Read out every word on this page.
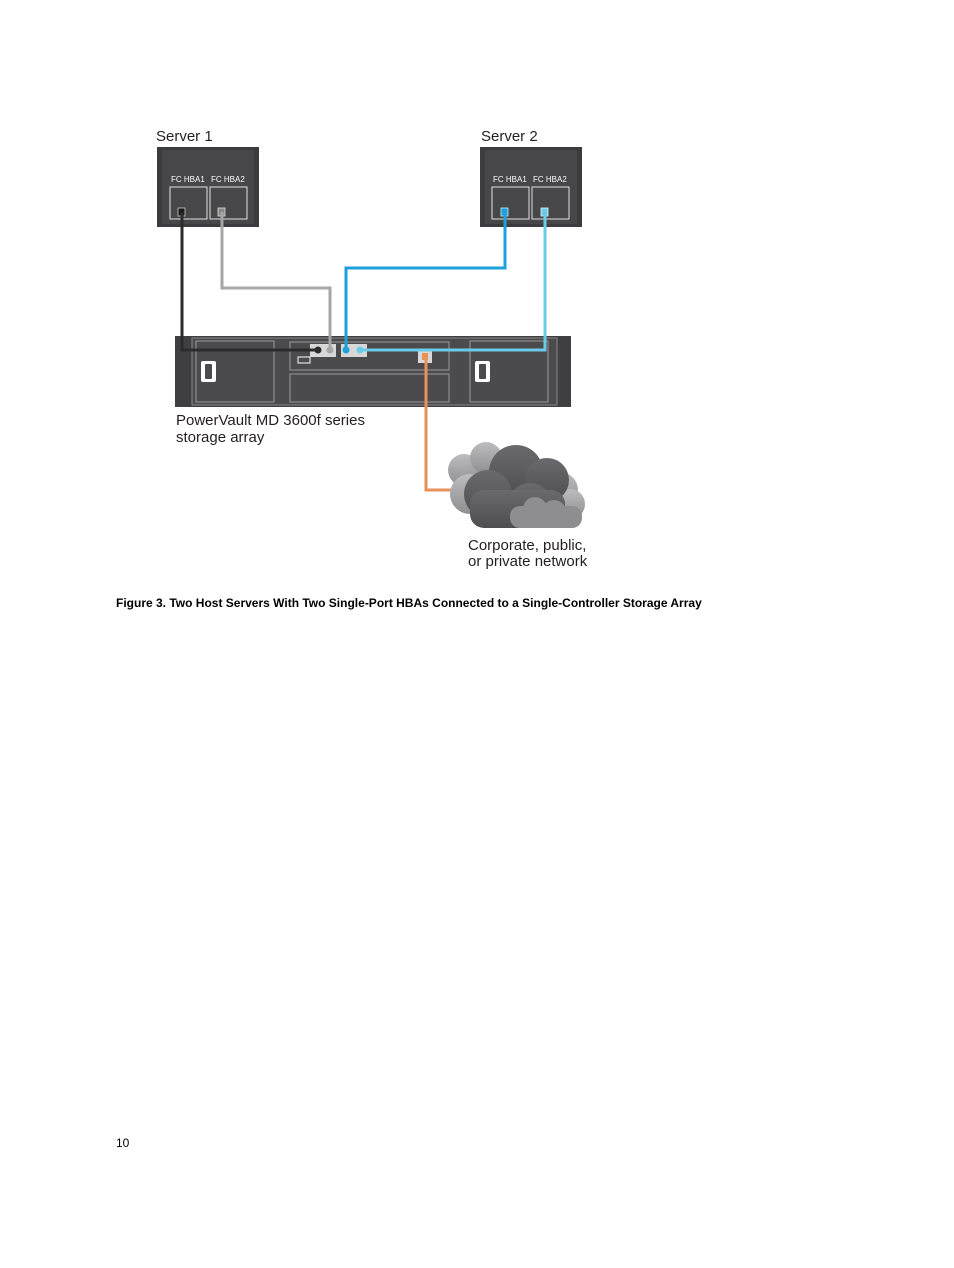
FC HBA1 FC HBA2	FC HBA1 FC HBA2
Server 1	Server 2
PowerVault MD 3600f series
storage array
Corporate, public,
or private network
Figure 3. Two Host Servers With Two Single-Port HBAs Connected to a Single-Controller Storage Array
10
